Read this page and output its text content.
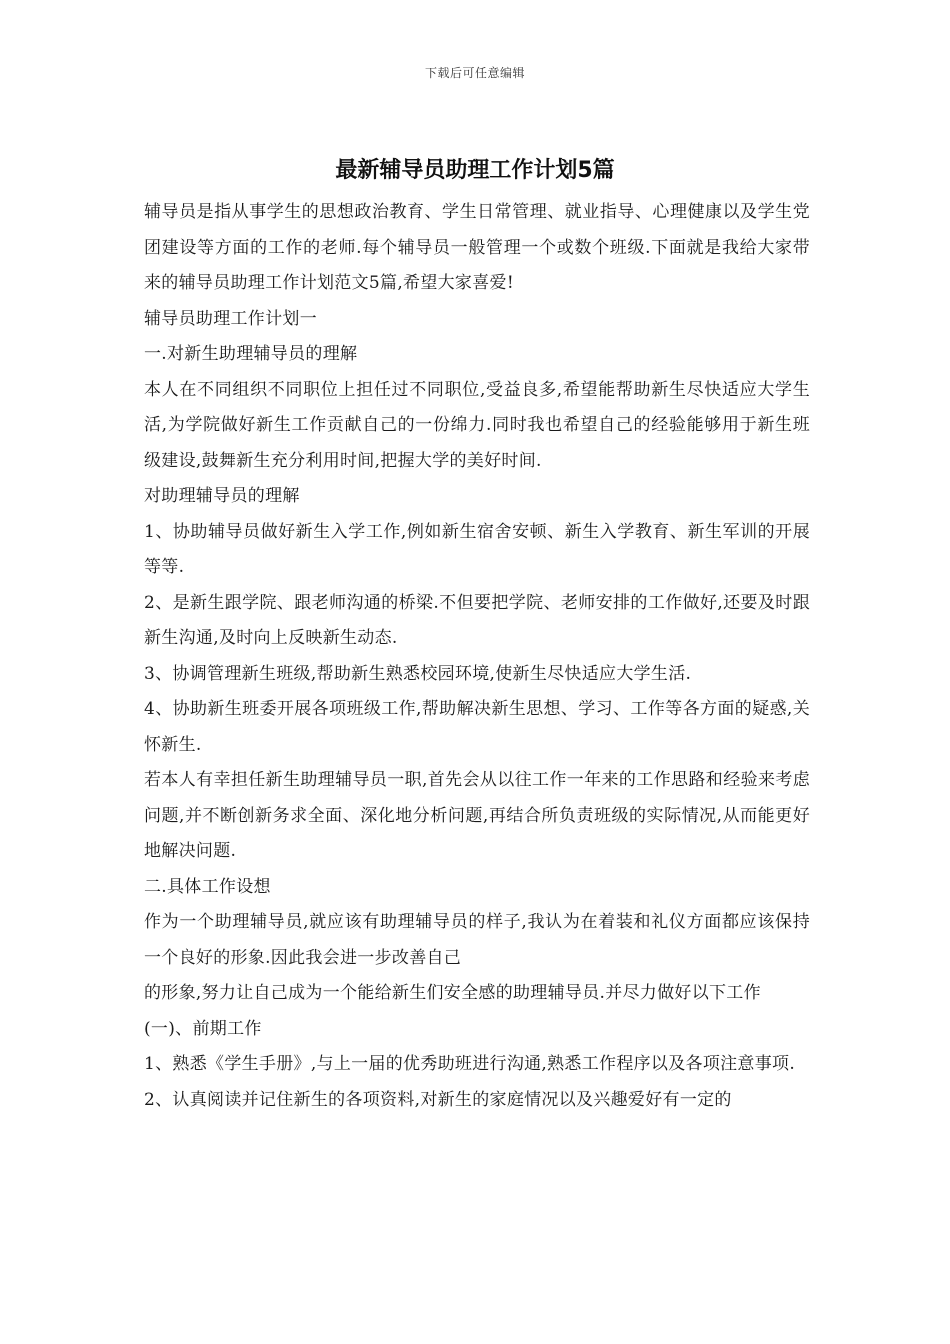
下载后可任意编辑
最新辅导员助理工作计划5篇

辅导员是指从事学生的思想政治教育、学生日常管理、就业指导、心理健康以及学生党团建设等方面的工作的老师.每个辅导员一般管理一个或数个班级.下面就是我给大家带来的辅导员助理工作计划范文5篇,希望大家喜爱!

辅导员助理工作计划一

一.对新生助理辅导员的理解

本人在不同组织不同职位上担任过不同职位,受益良多,希望能帮助新生尽快适应大学生活,为学院做好新生工作贡献自己的一份绵力.同时我也希望自己的经验能够用于新生班级建设,鼓舞新生充分利用时间,把握大学的美好时间.

对助理辅导员的理解

1、协助辅导员做好新生入学工作,例如新生宿舍安顿、新生入学教育、新生军训的开展等等.

2、是新生跟学院、跟老师沟通的桥梁.不但要把学院、老师安排的工作做好,还要及时跟新生沟通,及时向上反映新生动态.

3、协调管理新生班级,帮助新生熟悉校园环境,使新生尽快适应大学生活.

4、协助新生班委开展各项班级工作,帮助解决新生思想、学习、工作等各方面的疑惑,关怀新生.

若本人有幸担任新生助理辅导员一职,首先会从以往工作一年来的工作思路和经验来考虑问题,并不断创新务求全面、深化地分析问题,再结合所负责班级的实际情况,从而能更好地解决问题.

二.具体工作设想

作为一个助理辅导员,就应该有助理辅导员的样子,我认为在着装和礼仪方面都应该保持一个良好的形象.因此我会进一步改善自己

的形象,努力让自己成为一个能给新生们安全感的助理辅导员.并尽力做好以下工作

(一)、前期工作

1、熟悉《学生手册》,与上一届的优秀助班进行沟通,熟悉工作程序以及各项注意事项.

2、认真阅读并记住新生的各项资料,对新生的家庭情况以及兴趣爱好有一定的
